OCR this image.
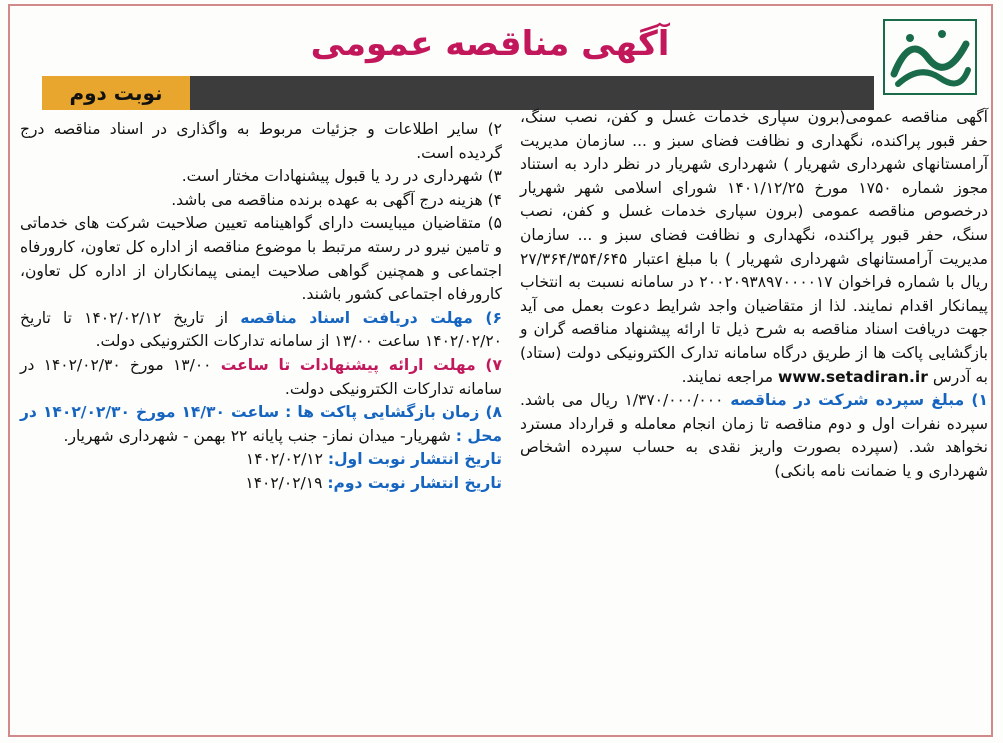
آگهی مناقصه عمومی
نوبت دوم

آگهی مناقصه عمومی(برون سپاری خدمات غسل و کفن، نصب سنگ، حفر قبور پراکنده، نگهداری و نظافت فضای سبز و ... سازمان مدیریت آرامستانهای شهرداری شهریار ) شهرداری شهریار در نظر دارد به استناد مجوز شماره ۱۷۵۰ مورخ ۱۴۰۱/۱۲/۲۵ شورای اسلامی شهر شهریار درخصوص مناقصه عمومی (برون سپاری خدمات غسل و کفن، نصب سنگ، حفر قبور پراکنده، نگهداری و نظافت فضای سبز و ... سازمان مدیریت آرامستانهای شهرداری شهریار ) با مبلغ اعتبار ۲۷/۳۶۴/۳۵۴/۶۴۵ ریال با شماره فراخوان ۲۰۰۲۰۹۳۸۹۷۰۰۰۰۱۷ در سامانه نسبت به انتخاب پیمانکار اقدام نمایند. لذا از متقاضیان واجد شرایط دعوت بعمل می آید جهت دریافت اسناد مناقصه به شرح ذیل تا ارائه پیشنهاد مناقصه گران و بازگشایی پاکت ها از طریق درگاه سامانه تدارک الکترونیکی دولت (ستاد) به آدرس www.setadiran.ir مراجعه نمایند.

۱) مبلغ سپرده شرکت در مناقصه ۱/۳۷۰/۰۰۰/۰۰۰ ریال می باشد. سپرده نفرات اول و دوم مناقصه تا زمان انجام معامله و قرارداد مسترد نخواهد شد. (سپرده بصورت واریز نقدی به حساب سپرده اشخاص شهرداری و یا ضمانت نامه بانکی)

۲) سایر اطلاعات و جزئیات مربوط به واگذاری در اسناد مناقصه درج گردیده است.

۳) شهرداری در رد یا قبول پیشنهادات مختار است.

۴) هزینه درج آگهی به عهده برنده مناقصه می باشد.

۵) متقاضیان میبایست دارای گواهینامه تعیین صلاحیت شرکت های خدماتی و تامین نیرو در رسته مرتبط با موضوع مناقصه از اداره کل تعاون، کارورفاه اجتماعی و همچنین گواهی صلاحیت ایمنی پیمانکاران از اداره کل تعاون، کارورفاه اجتماعی کشور باشند.

۶) مهلت دریافت اسناد مناقصه از تاریخ ۱۴۰۲/۰۲/۱۲ تا تاریخ ۱۴۰۲/۰۲/۲۰ ساعت ۱۳/۰۰ از سامانه تدارکات الکترونیکی دولت.

۷) مهلت ارائه پیشنهادات تا ساعت ۱۳/۰۰ مورخ ۱۴۰۲/۰۲/۳۰ در سامانه تدارکات الکترونیکی دولت.

۸) زمان بازگشایی پاکت ها : ساعت ۱۴/۳۰ مورخ ۱۴۰۲/۰۲/۳۰ در محل : شهریار- میدان نماز- جنب پایانه ۲۲ بهمن - شهرداری شهریار.

تاریخ انتشار نوبت اول: ۱۴۰۲/۰۲/۱۲

تاریخ انتشار نوبت دوم: ۱۴۰۲/۰۲/۱۹
